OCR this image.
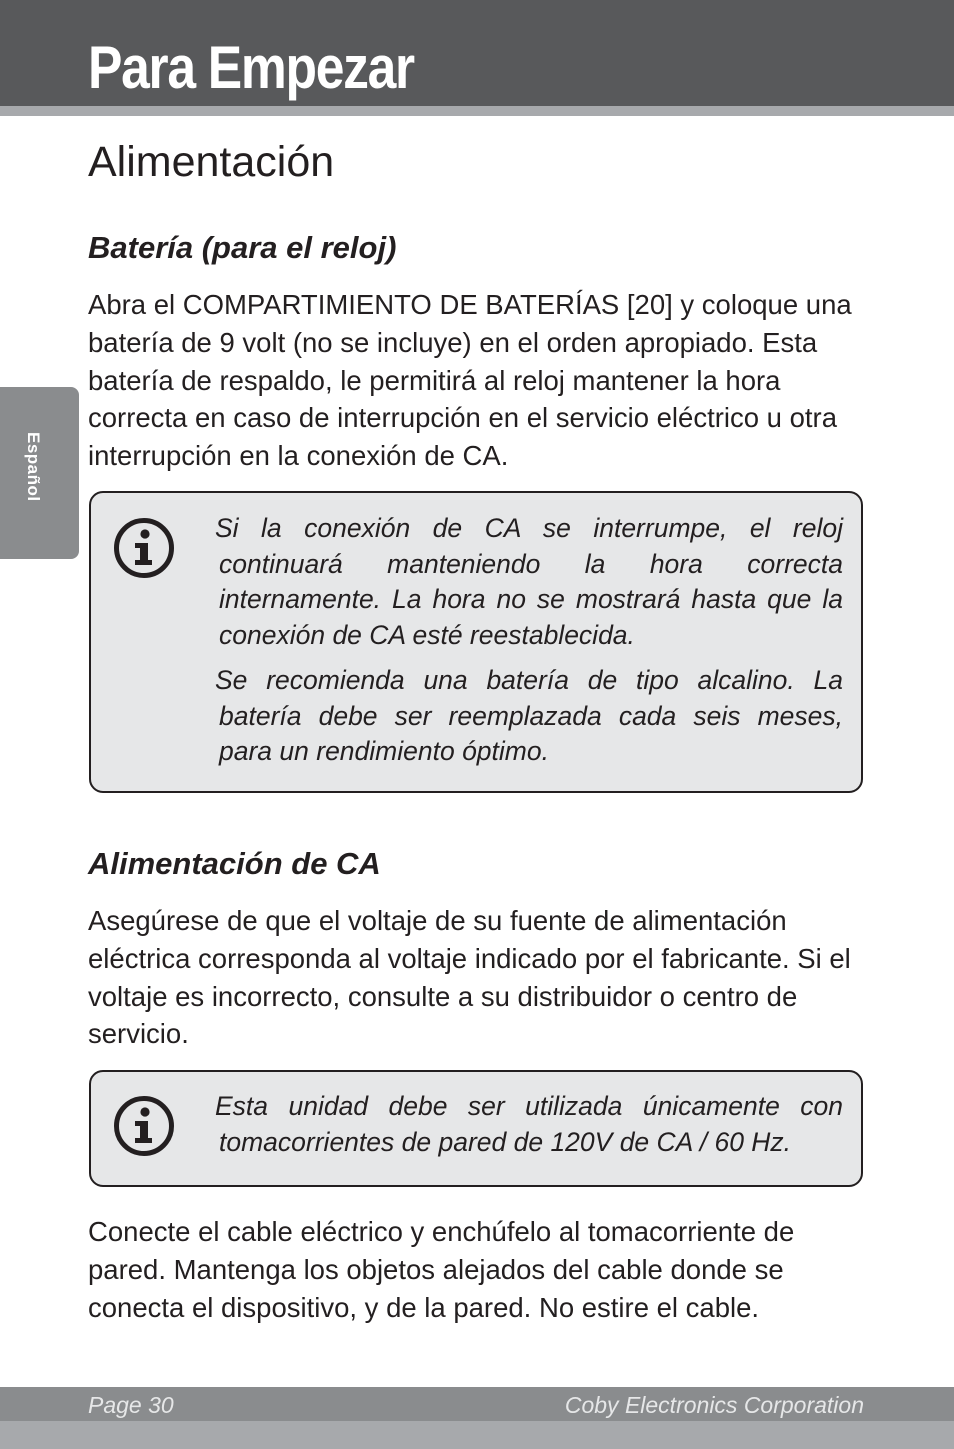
Para Empezar
Español
Alimentación
Batería (para el reloj)

Abra el COMPARTIMIENTO DE BATERÍAS [20] y coloque una batería de 9 volt (no se incluye) en el orden apropiado. Esta batería de respaldo, le permitirá al reloj mantener la hora correcta en caso de interrupción en el servicio eléctrico u otra interrupción en la conexión de CA.

Si la conexión de CA se interrumpe, el reloj continuará manteniendo la hora correcta internamente. La hora no se mostrará hasta que la conexión de CA esté reestablecida.

Se recomienda una batería de tipo alcalino. La batería debe ser reemplazada cada seis meses, para un rendimiento óptimo.

Alimentación de CA

Asegúrese de que el voltaje de su fuente de alimentación eléctrica corresponda al voltaje indicado por el fabricante. Si el voltaje es incorrecto, consulte a su distribuidor o centro de servicio.

Esta unidad debe ser utilizada únicamente con tomacorrientes de pared de 120V de CA / 60 Hz.

Conecte el cable eléctrico y enchúfelo al tomacorriente de pared. Mantenga los objetos alejados del cable donde se conecta el dispositivo, y de la pared. No estire el cable.

Page 30	Coby Electronics Corporation
